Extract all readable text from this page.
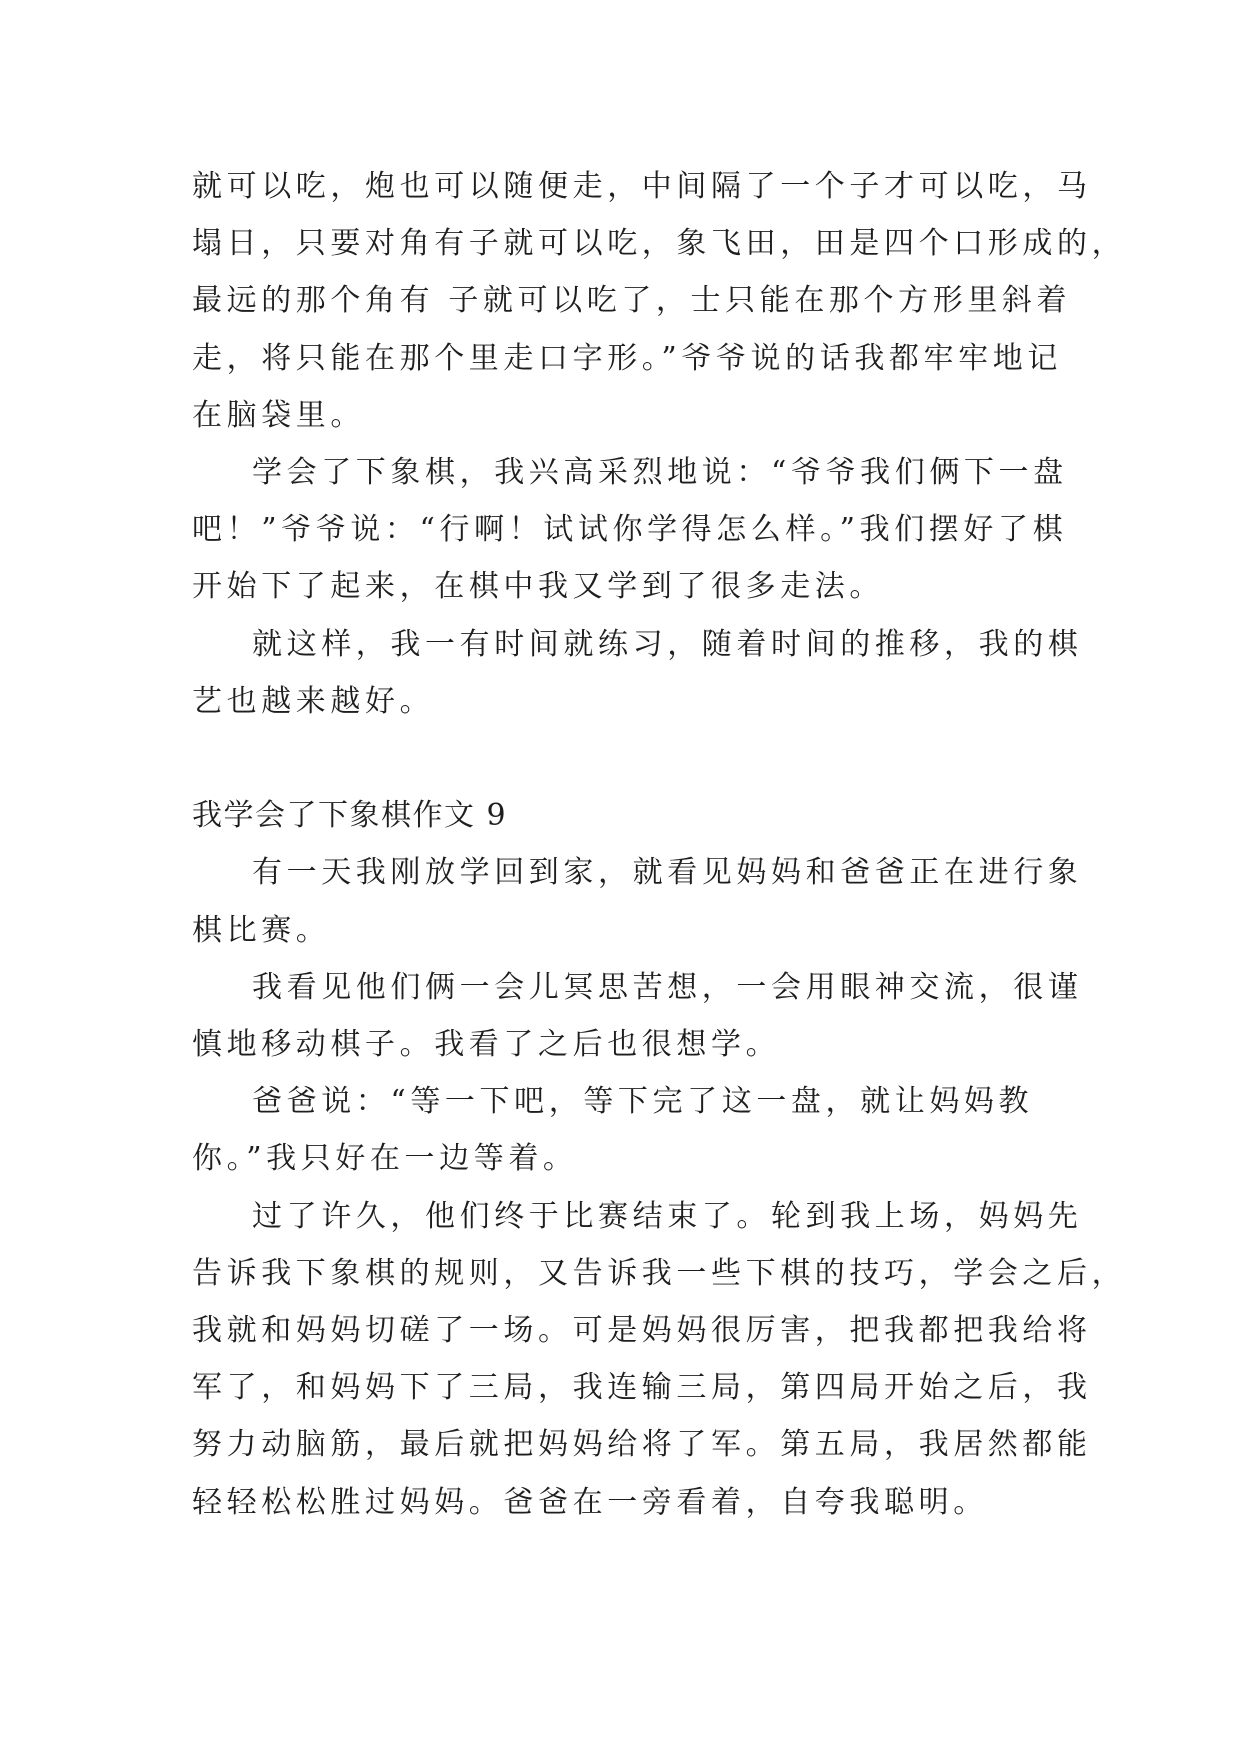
就可以吃，炮也可以随便走，中间隔了一个子才可以吃，马
塌日，只要对角有子就可以吃，象飞田，田是四个口形成的，
最远的那个角有 子就可以吃了，士只能在那个方形里斜着
走，将只能在那个里走口字形。”爷爷说的话我都牢牢地记
在脑袋里。

学会了下象棋，我兴高采烈地说：“爷爷我们俩下一盘
吧！”爷爷说：“行啊！试试你学得怎么样。”我们摆好了棋
开始下了起来，在棋中我又学到了很多走法。

就这样，我一有时间就练习，随着时间的推移，我的棋
艺也越来越好。

我学会了下象棋作文 9

有一天我刚放学回到家，就看见妈妈和爸爸正在进行象
棋比赛。

我看见他们俩一会儿冥思苦想，一会用眼神交流，很谨
慎地移动棋子。我看了之后也很想学。

爸爸说：“等一下吧，等下完了这一盘，就让妈妈教
你。”我只好在一边等着。

过了许久，他们终于比赛结束了。轮到我上场，妈妈先
告诉我下象棋的规则，又告诉我一些下棋的技巧，学会之后，
我就和妈妈切磋了一场。可是妈妈很厉害，把我都把我给将
军了，和妈妈下了三局，我连输三局，第四局开始之后，我
努力动脑筋，最后就把妈妈给将了军。第五局，我居然都能
轻轻松松胜过妈妈。爸爸在一旁看着，自夸我聪明。
